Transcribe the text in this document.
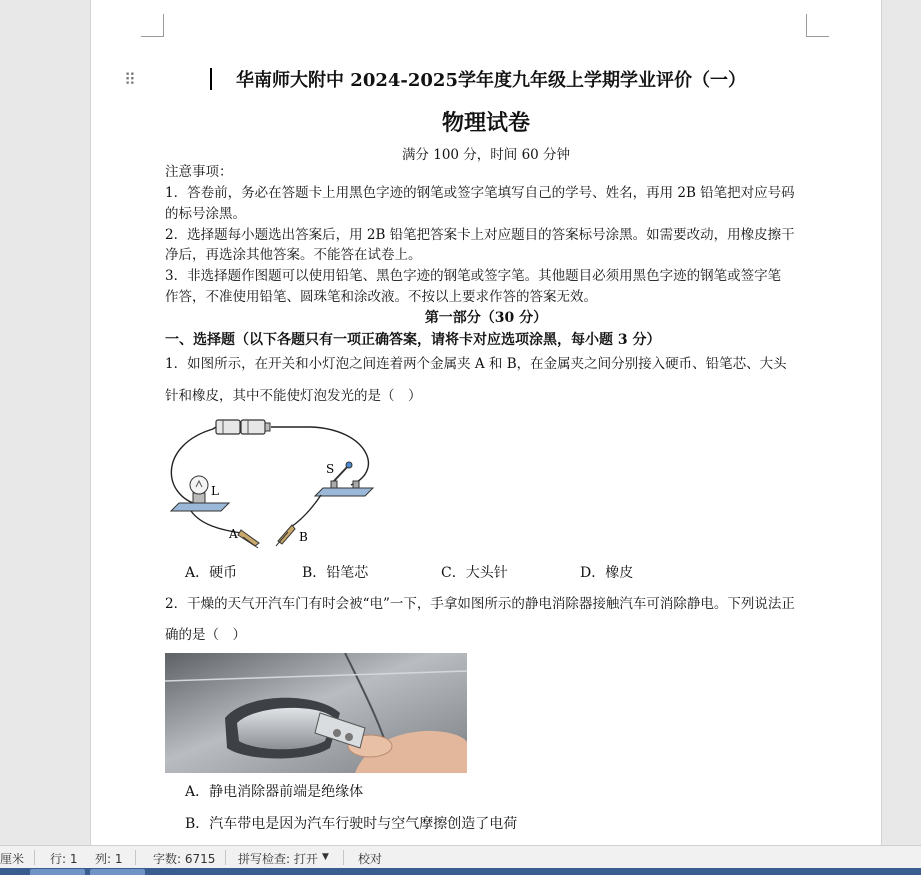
⠿	华南师大附中 2024-2025学年度九年级上学期学业评价（一）
物理试卷
满分 100 分，时间 60 分钟
注意事项：
1．答卷前，务必在答题卡上用黑色字迹的钢笔或签字笔填写自己的学号、姓名，再用 2B 铅笔把对应号码
的标号涂黑。
2．选择题每小题选出答案后，用 2B 铅笔把答案卡上对应题目的答案标号涂黑。如需要改动，用橡皮擦干
净后，再选涂其他答案。不能答在试卷上。
3．非选择题作图题可以使用铅笔、黑色字迹的钢笔或签字笔。其他题目必须用黑色字迹的钢笔或签字笔
作答，不准使用铅笔、圆珠笔和涂改液。不按以上要求作答的答案无效。
第一部分（30 分）
一、选择题（以下各题只有一项正确答案，请将卡对应选项涂黑，每小题 3 分）
1．如图所示，在开关和小灯泡之间连着两个金属夹 A 和 B，在金属夹之间分别接入硬币、铅笔芯、大头
针和橡皮，其中不能使灯泡发光的是（　）
L
S
A	B
A．硬币	B．铅笔芯	C．大头针	D．橡皮
2．干燥的天气开汽车门有时会被“电”一下，手拿如图所示的静电消除器接触汽车可消除静电。下列说法正
确的是（　）
A．静电消除器前端是绝缘体
B．汽车带电是因为汽车行驶时与空气摩擦创造了电荷
厘米 行: 1 列: 1	字数: 6715 拼写检查: 打开 ▼ 校对
